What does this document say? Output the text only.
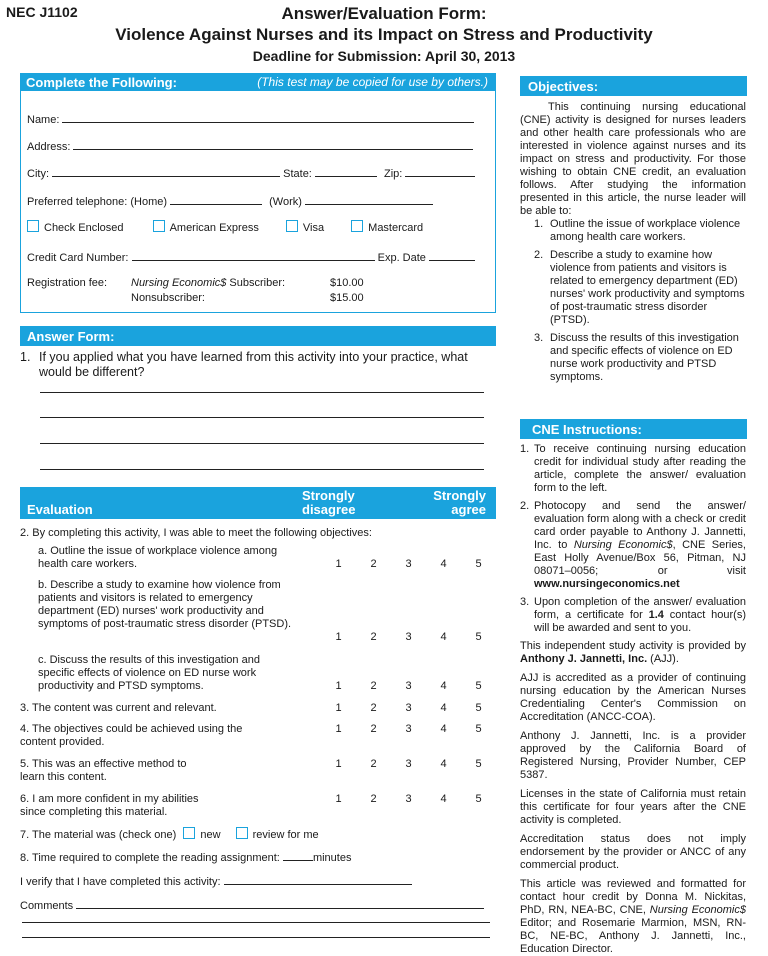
NEC J1102	Answer/Evaluation Form:
Violence Against Nurses and its Impact on Stress and Productivity
Deadline for Submission: April 30, 2013
Complete the Following:	(This test may be copied for use by others.)
Name:
Address:
City:	State:	Zip:
Preferred telephone: (Home)	(Work)
Check Enclosed	American Express	Visa	Mastercard
Credit Card Number:	Exp. Date
Registration fee: Nursing Economic$ Subscriber:	$10.00
Nonsubscriber:	$15.00
Answer Form:
1. If you applied what you have learned from this activity into your practice, what would be different?
Evaluation
Strongly disagree
Strongly agree
2. By completing this activity, I was able to meet the following objectives:
a. Outline the issue of workplace violence among health care workers.	1	2	3	4	5
b. Describe a study to examine how violence from patients and visitors is related to emergency department (ED) nurses' work productivity and symptoms of post-traumatic stress disorder (PTSD).
1	2	3	4	5
c. Discuss the results of this investigation and specific effects of violence on ED nurse work productivity and PTSD symptoms.	1	2	3	4	5
3. The content was current and relevant.	1	2	3	4	5
4. The objectives could be achieved using the content provided.
1	2	3	4	5
5. This was an effective method to learn this content.
1	2	3	4	5
6. I am more confident in my abilities since completing this material.
1	2	3	4	5
7. The material was (check one) new	review for me
8. Time required to complete the reading assignment:	minutes
I verify that I have completed this activity:
Comments
Objectives:

This continuing nursing educational (CNE) activity is designed for nurses leaders and other health care professionals who are interested in violence against nurses and its impact on stress and productivity. For those wishing to obtain CNE credit, an evaluation follows. After studying the information presented in this article, the nurse leader will be able to:

1. Outline the issue of workplace violence among health care workers.
2. Describe a study to examine how violence from patients and visitors is related to emergency department (ED) nurses' work productivity and symptoms of post-traumatic stress disorder (PTSD).
3. Discuss the results of this investigation and specific effects of violence on ED nurse work productivity and PTSD symptoms.
CNE Instructions:
1. To receive continuing nursing education credit for individual study after reading the article, complete the answer/ evaluation form to the left.
2. Photocopy and send the answer/ evaluation form along with a check or credit card order payable to Anthony J. Jannetti, Inc. to Nursing Economic$, CNE Series, East Holly Avenue/Box 56, Pitman, NJ 08071–0056; or visit www.nursingeconomics.net
3. Upon completion of the answer/ evaluation form, a certificate for 1.4 contact hour(s) will be awarded and sent to you.

This independent study activity is provided by Anthony J. Jannetti, Inc. (AJJ).

AJJ is accredited as a provider of continuing nursing education by the American Nurses Credentialing Center's Commission on Accreditation (ANCC-COA).

Anthony J. Jannetti, Inc. is a provider approved by the California Board of Registered Nursing, Provider Number, CEP 5387.

Licenses in the state of California must retain this certificate for four years after the CNE activity is completed.

Accreditation status does not imply endorsement by the provider or ANCC of any commercial product.

This article was reviewed and formatted for contact hour credit by Donna M. Nickitas, PhD, RN, NEA-BC, CNE, Nursing Economic$ Editor; and Rosemarie Marmion, MSN, RN-BC, NE-BC, Anthony J. Jannetti, Inc., Education Director.
